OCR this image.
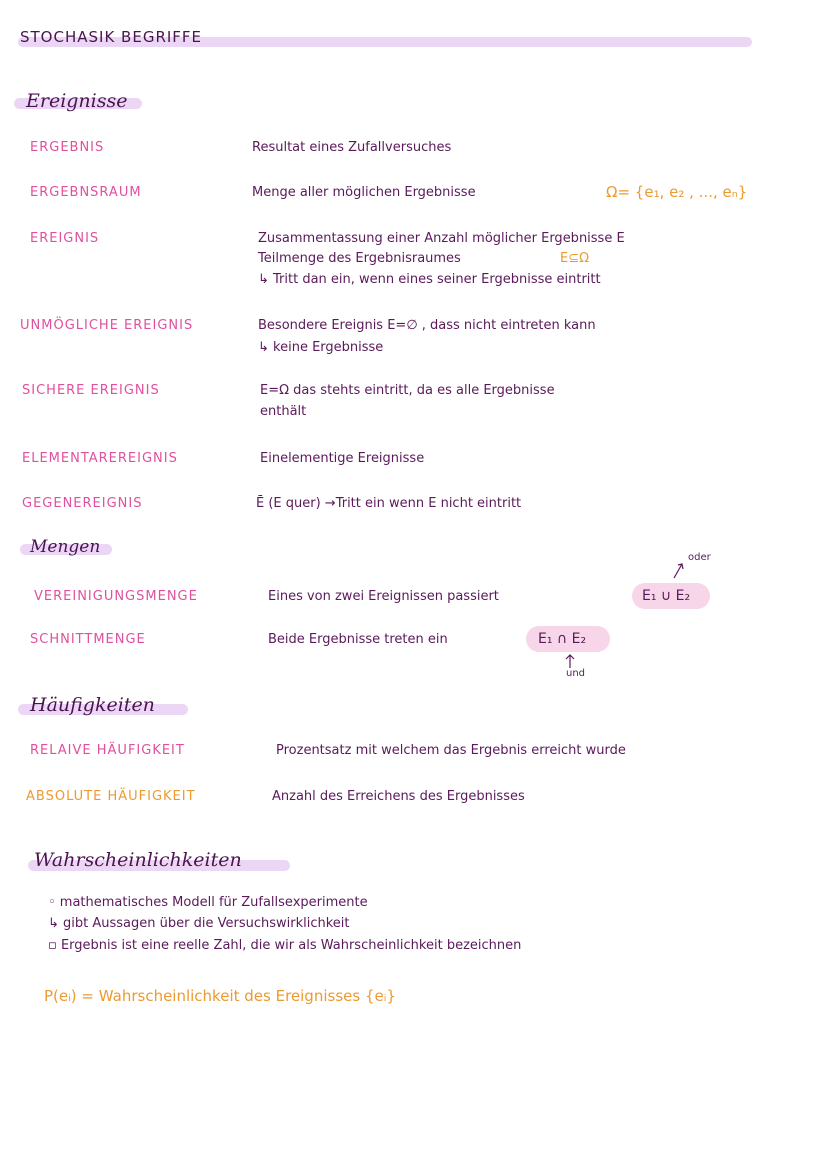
STOCHASIK BEGRIFFE
Ereignisse
ERGEBNIS	Resultat eines Zufallversuches
ERGEBNSRAUM	Menge aller möglichen Ergebnisse	Ω= {e₁, e₂ , ..., eₙ}
EREIGNIS	Zusammentassung einer Anzahl möglicher Ergebnisse E
Teilmenge des Ergebnisraumes	E⊆Ω
↳ Tritt dan ein, wenn eines seiner Ergebnisse eintritt
UNMÖGLICHE EREIGNIS	Besondere Ereignis E=∅ , dass nicht eintreten kann
↳ keine Ergebnisse
SICHERE EREIGNIS	E=Ω das stehts eintritt, da es alle Ergebnisse
enthält
ELEMENTAREREIGNIS	Einelementige Ereignisse
GEGENEREIGNIS	Ē (E quer) →Tritt ein wenn E nicht eintritt
Mengen
oder
VEREINIGUNGSMENGE	Eines von zwei Ereignissen passiert	E₁ ∪ E₂
SCHNITTMENGE	Beide Ergebnisse treten ein	E₁ ∩ E₂
und
Häufigkeiten
RELAIVE HÄUFIGKEIT	Prozentsatz mit welchem das Ergebnis erreicht wurde
ABSOLUTE HÄUFIGKEIT	Anzahl des Erreichens des Ergebnisses
Wahrscheinlichkeiten
◦ mathematisches Modell für Zufallsexperimente
↳ gibt Aussagen über die Versuchswirklichkeit
▫ Ergebnis ist eine reelle Zahl, die wir als Wahrscheinlichkeit bezeichnen
P(eᵢ) = Wahrscheinlichkeit des Ereignisses {eᵢ}
